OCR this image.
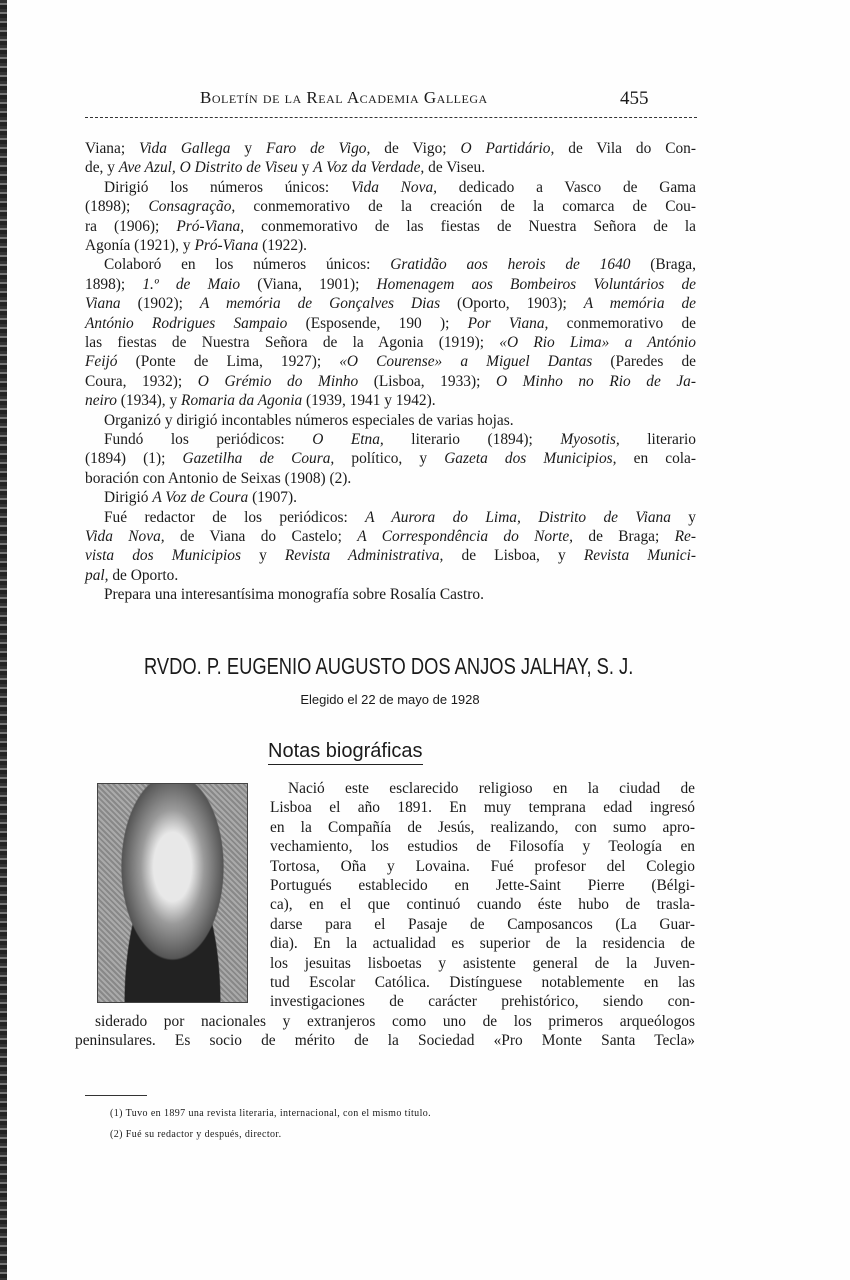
Boletín de la Real Academia Gallega	455
Viana; Vida Gallega y Faro de Vigo, de Vigo; O Partidário, de Vila do Con-
de, y Ave Azul, O Distrito de Viseu y A Voz da Verdade, de Viseu.
Dirigió los números únicos: Vida Nova, dedicado a Vasco de Gama
(1898); Consagração, conmemorativo de la creación de la comarca de Cou-
ra (1906); Pró-Viana, conmemorativo de las fiestas de Nuestra Señora de la
Agonía (1921), y Pró-Viana (1922).
Colaboró en los números únicos: Gratidão aos herois de 1640 (Braga,
1898); 1.º de Maio (Viana, 1901); Homenagem aos Bombeiros Voluntários de
Viana (1902); A memória de Gonçalves Dias (Oporto, 1903); A memória de
António Rodrigues Sampaio (Esposende, 190 ); Por Viana, conmemorativo de
las fiestas de Nuestra Señora de la Agonia (1919); «O Rio Lima» a António
Feijó (Ponte de Lima, 1927); «O Courense» a Miguel Dantas (Paredes de
Coura, 1932); O Grémio do Minho (Lisboa, 1933); O Minho no Rio de Ja-
neiro (1934), y Romaria da Agonia (1939, 1941 y 1942).
Organizó y dirigió incontables números especiales de varias hojas.
Fundó los periódicos: O Etna, literario (1894); Myosotis, literario
(1894) (1); Gazetilha de Coura, político, y Gazeta dos Municipios, en cola-
boración con Antonio de Seixas (1908) (2).
Dirigió A Voz de Coura (1907).
Fué redactor de los periódicos: A Aurora do Lima, Distrito de Viana y
Vida Nova, de Viana do Castelo; A Correspondência do Norte, de Braga; Re-
vista dos Municipios y Revista Administrativa, de Lisboa, y Revista Munici-
pal, de Oporto.
Prepara una interesantísima monografía sobre Rosalía Castro.
RVDO. P. EUGENIO AUGUSTO DOS ANJOS JALHAY, S. J.
Elegido el 22 de mayo de 1928
Notas biográficas
Nació este esclarecido religioso en la ciudad de
Lisboa el año 1891. En muy temprana edad ingresó
en la Compañía de Jesús, realizando, con sumo apro-
vechamiento, los estudios de Filosofía y Teología en
Tortosa, Oña y Lovaina. Fué profesor del Colegio
Portugués establecido en Jette-Saint Pierre (Bélgi-
ca), en el que continuó cuando éste hubo de trasla-
darse para el Pasaje de Camposancos (La Guar-
dia). En la actualidad es superior de la residencia de
los jesuitas lisboetas y asistente general de la Juven-
tud Escolar Católica. Distínguese notablemente en las
investigaciones de carácter prehistórico, siendo con-
siderado por nacionales y extranjeros como uno de los primeros arqueólogos
peninsulares. Es socio de mérito de la Sociedad «Pro Monte Santa Tecla»
(1) Tuvo en 1897 una revista literaria, internacional, con el mismo título.
(2) Fué su redactor y después, director.
